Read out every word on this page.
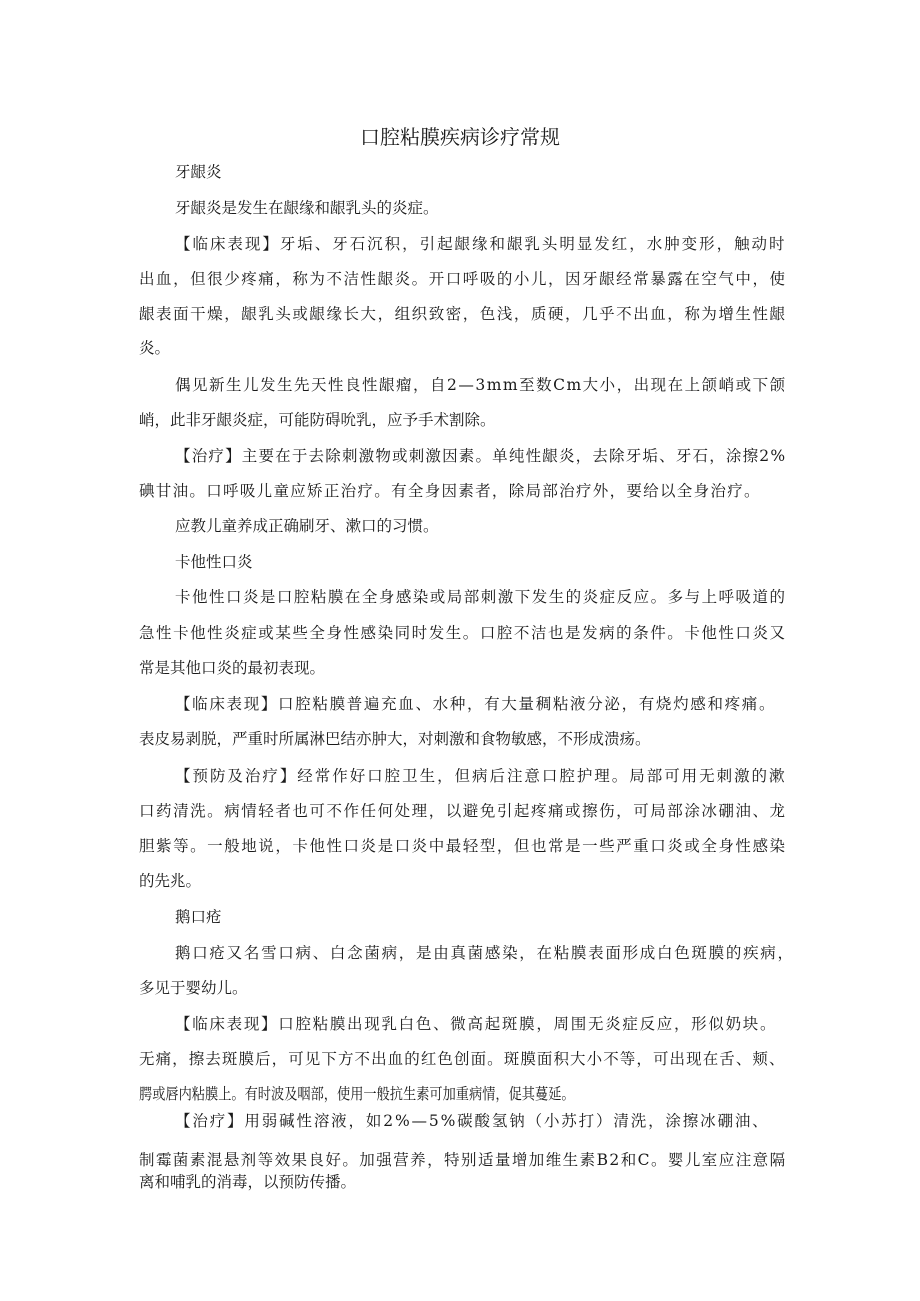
口腔粘膜疾病诊疗常规
牙龈炎
牙龈炎是发生在龈缘和龈乳头的炎症。
【临床表现】牙垢、牙石沉积，引起龈缘和龈乳头明显发红，水肿变形，触动时
出血，但很少疼痛，称为不洁性龈炎。开口呼吸的小儿，因牙龈经常暴露在空气中，使
龈表面干燥，龈乳头或龈缘长大，组织致密，色浅，质硬，几乎不出血，称为增生性龈
炎。
偶见新生儿发生先天性良性龈瘤，自2—3mm至数Cm大小，出现在上颌峭或下颌
峭，此非牙龈炎症，可能防碍吮乳，应予手术割除。
【治疗】主要在于去除刺激物或刺激因素。单纯性龈炎，去除牙垢、牙石，涂擦2%
碘甘油。口呼吸儿童应矫正治疗。有全身因素者，除局部治疗外，要给以全身治疗。
应教儿童养成正确刷牙、漱口的习惯。
卡他性口炎
卡他性口炎是口腔粘膜在全身感染或局部刺激下发生的炎症反应。多与上呼吸道的
急性卡他性炎症或某些全身性感染同时发生。口腔不洁也是发病的条件。卡他性口炎又
常是其他口炎的最初表现。
【临床表现】口腔粘膜普遍充血、水种，有大量稠粘液分泌，有烧灼感和疼痛。
表皮易剥脱，严重时所属淋巴结亦肿大，对刺激和食物敏感，不形成溃疡。
【预防及治疗】经常作好口腔卫生，但病后注意口腔护理。局部可用无刺激的漱
口药清洗。病情轻者也可不作任何处理，以避免引起疼痛或擦伤，可局部涂冰硼油、龙
胆紫等。一般地说，卡他性口炎是口炎中最轻型，但也常是一些严重口炎或全身性感染
的先兆。
鹅口疮
鹅口疮又名雪口病、白念菌病，是由真菌感染，在粘膜表面形成白色斑膜的疾病，
多见于婴幼儿。
【临床表现】口腔粘膜出现乳白色、微高起斑膜，周围无炎症反应，形似奶块。
无痛，擦去斑膜后，可见下方不出血的红色创面。斑膜面积大小不等，可出现在舌、颊、
腭或唇内粘膜上。有时波及咽部，使用一般抗生素可加重病情，促其蔓延。
【治疗】用弱碱性溶液，如2%—5%碳酸氢钠（小苏打）清洗，涂擦冰硼油、
制霉菌素混悬剂等效果良好。加强营养，特别适量增加维生素B2和C。婴儿室应注意隔
离和哺乳的消毒，以预防传播。
